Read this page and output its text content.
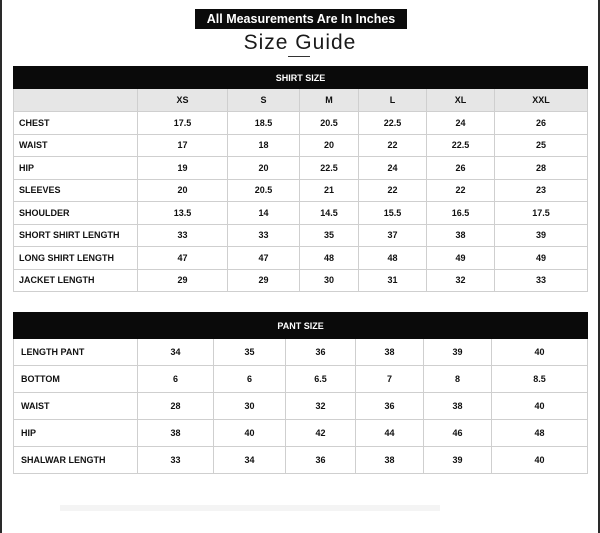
All Measurements Are In Inches
Size Guide
SHIRT SIZE						
	XS	S	M	L	XL	XXL
CHEST	17.5	18.5	20.5	22.5	24	26
WAIST	17	18	20	22	22.5	25
HIP	19	20	22.5	24	26	28
SLEEVES	20	20.5	21	22	22	23
SHOULDER	13.5	14	14.5	15.5	16.5	17.5
SHORT SHIRT LENGTH	33	33	35	37	38	39
LONG SHIRT LENGTH	47	47	48	48	49	49
JACKET LENGTH	29	29	30	31	32	33
PANT SIZE						
LENGTH PANT	34	35	36	38	39	40
BOTTOM	6	6	6.5	7	8	8.5
WAIST	28	30	32	36	38	40
HIP	38	40	42	44	46	48
SHALWAR LENGTH	33	34	36	38	39	40
